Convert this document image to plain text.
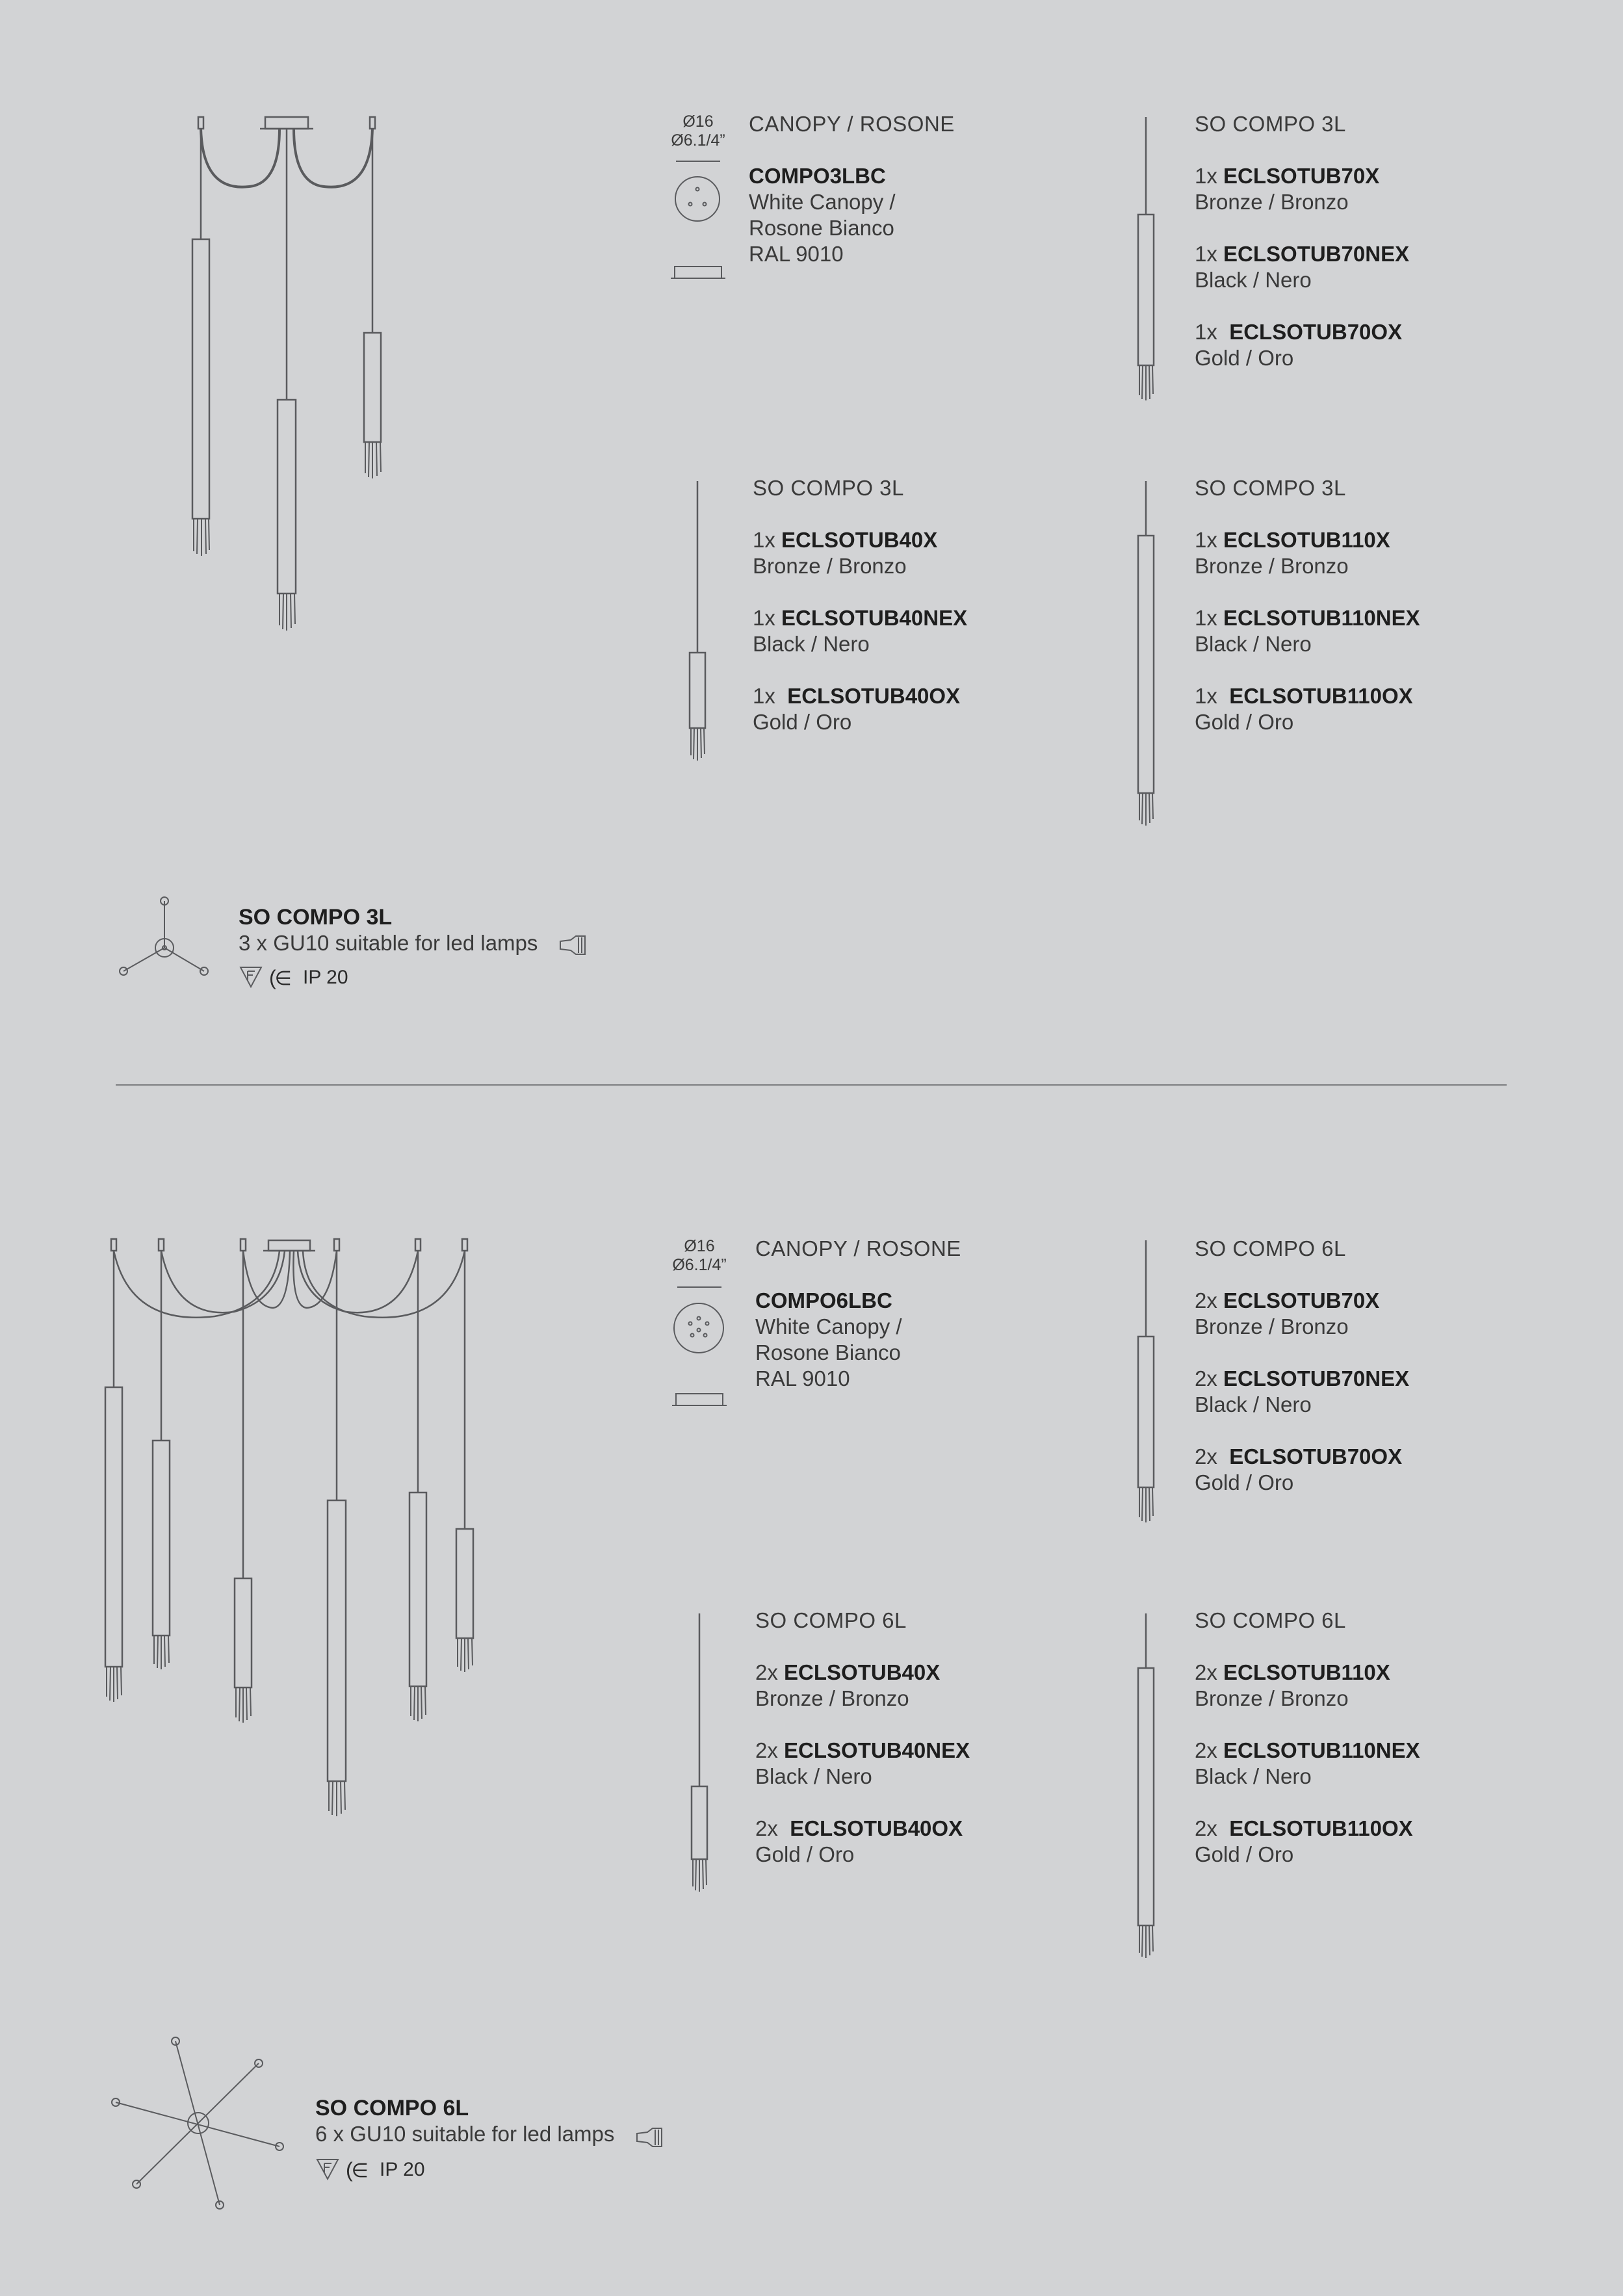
Ø16
Ø6.1/4”
CANOPY / ROSONE
COMPO3LBC
White Canopy /
Rosone Bianco
RAL 9010
SO COMPO 3L
1x ECLSOTUB70X
Bronze / Bronzo
1x ECLSOTUB70NEX
Black / Nero
1x ECLSOTUB70OX
Gold / Oro
SO COMPO 3L
1x ECLSOTUB40X
Bronze / Bronzo
1x ECLSOTUB40NEX
Black / Nero
1x ECLSOTUB40OX
Gold / Oro
SO COMPO 3L
1x ECLSOTUB110X
Bronze / Bronzo
1x ECLSOTUB110NEX
Black / Nero
1x ECLSOTUB110OX
Gold / Oro
SO COMPO 3L
3 x GU10 suitable for led lamps
(∈ IP 20
Ø16
Ø6.1/4”
CANOPY / ROSONE
COMPO6LBC
White Canopy /
Rosone Bianco
RAL 9010
SO COMPO 6L
2x ECLSOTUB70X
Bronze / Bronzo
2x ECLSOTUB70NEX
Black / Nero
2x ECLSOTUB70OX
Gold / Oro
SO COMPO 6L
2x ECLSOTUB40X
Bronze / Bronzo
2x ECLSOTUB40NEX
Black / Nero
2x ECLSOTUB40OX
Gold / Oro
SO COMPO 6L
2x ECLSOTUB110X
Bronze / Bronzo
2x ECLSOTUB110NEX
Black / Nero
2x ECLSOTUB110OX
Gold / Oro
SO COMPO 6L
6 x GU10 suitable for led lamps
(∈ IP 20
